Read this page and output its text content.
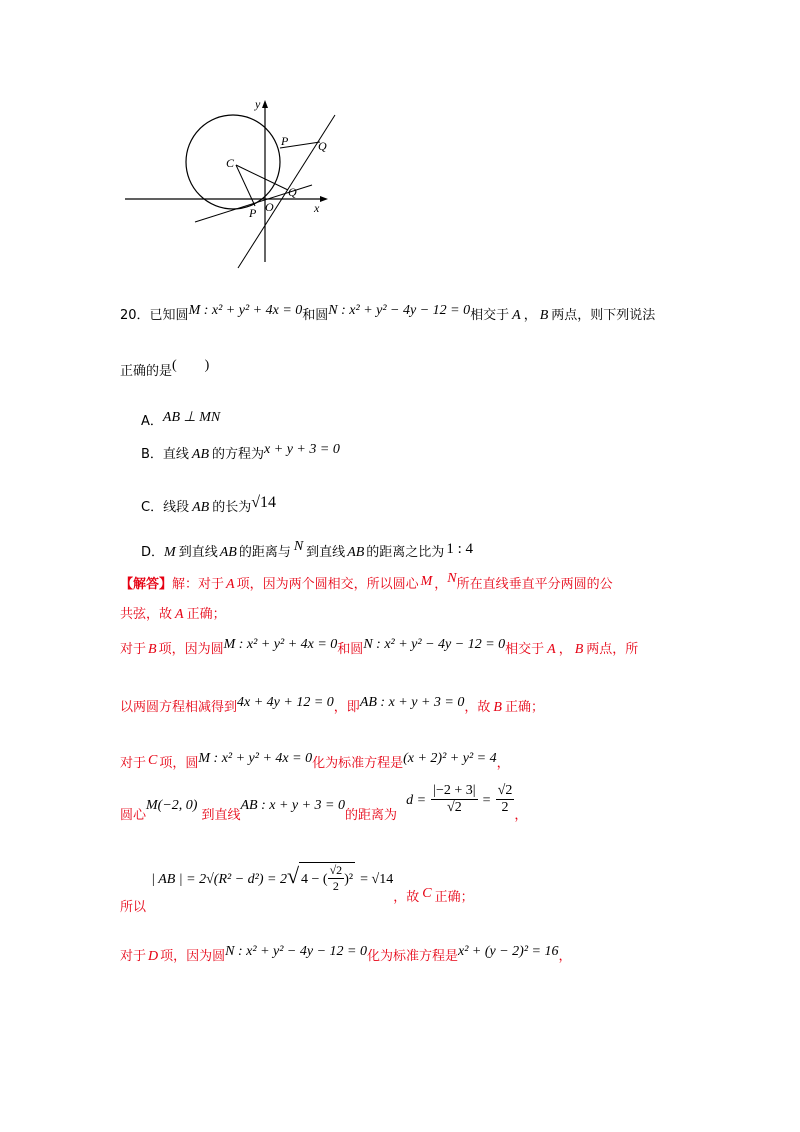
y
x
C
P Q
O
Q
P
20．已知圆M : x² + y² + 4x = 0和圆N : x² + y² − 4y − 12 = 0相交于 A ， B 两点，则下列说法
正确的是(　　)
A．AB ⊥ MN
B．直线 AB 的方程为x + y + 3 = 0
C．线段 AB 的长为√14
D．M 到直线 AB 的距离与 N 到直线 AB 的距离之比为 1 : 4
【解答】解：对于 A 项，因为两个圆相交，所以圆心 M ，N所在直线垂直平分两圆的公
共弦，故 A 正确；
对于 B 项，因为圆M : x² + y² + 4x = 0和圆N : x² + y² − 4y − 12 = 0相交于 A ， B 两点，所
以两圆方程相减得到4x + 4y + 12 = 0，即AB : x + y + 3 = 0，故 B 正确；
对于 C 项，圆M : x² + y² + 4x = 0化为标准方程是(x + 2)² + y² = 4，
圆心M(−2, 0)到直线AB : x + y + 3 = 0的距离为 $d = \frac{|-2 + 3|}{√2} = \frac{√2}{2}$ ，
$_{所以}$ | AB | = 2√(R² − d²) = 2√ 4 − ( $\frac{√2}{2} )^2 = √14_{,故}$ C $_{正确;}$
对于 D 项，因为圆N : x² + y² − 4y − 12 = 0化为标准方程是x² + (y − 2)² = 16，
